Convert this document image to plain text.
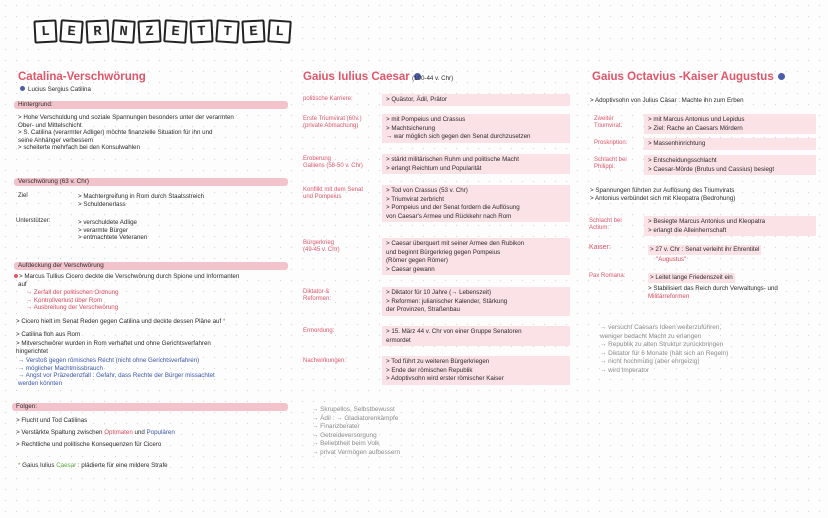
L	E	R	N	Z	E	T	T	E	L
Catalina-Verschwörung
Lucius Sergius Catilina
Hintergrund:
> Hohe Verschuldung und soziale Spannungen besonders unter der verarmten
Ober- und Mittelschicht
> S. Catilina (verarmter Adliger) möchte finanzielle Situation für ihn und
seine Anhänger verbessern
> scheiterte mehrfach bei den Konsulwahlen
Verschwörung (63 v. Chr)
Ziel	> Machtergreifung in Rom durch Staatsstreich
> Schuldenerlass
Unterstützer:	> verschuldete Adlige
> verarmte Bürger
> entmachtete Veteranen
Aufdeckung der Verschwörung
> Marcus Tullius Cicero deckte die Verschwörung durch Spione und Informanten
auf
→ Zerfall der politischen Ordnung
→ Kontrollverlust über Rom
→ Ausbreitung der Verschwörung
> Cicero hielt im Senat Reden gegen Catilina und deckte dessen Pläne auf *
> Catilina floh aus Rom
> Mitverschwörer wurden in Rom verhaftet und ohne Gerichtsverfahren
hingerichtet
→ Verstoß gegen römisches Recht (nicht ohne Gerichtsverfahren)
→ möglicher Machtmissbrauch
→ Angst vor Präzedenzfall : Gefahr, dass Rechte der Bürger missachtet
werden könnten
Folgen:
> Flucht und Tod Catilinas
> Verstärkte Spaltung zwischen Optimaten und Populären
> Rechtliche und politische Konsequenzen für Cicero
* Gaius Iulius Caesar : plädierte für eine mildere Strafe
Gaius Iulius Caesar (100-44 v. Chr)
politische Karriere:	> Quästor, Ädil, Prätor
Erste Triumvirat (60v.)
(private Abmachung)
> mit Pompeius und Crassus
> Machtsicherung
→ war möglich sich gegen den Senat durchzusetzen
Eroberung
Galliens (58-50 v. Chr)
> stärkt militärischen Ruhm und politische Macht
> erlangt Reichtum und Popularität
Konflikt mit dem Senat
und Pompeius
> Tod von Crassus (53 v. Chr)
> Triumvirat zerbricht
> Pompeius und der Senat fordern die Auflösung
von Caesar's Armee und Rückkehr nach Rom
Bürgerkrieg
(49-45 v. Chr)
> Caesar überquert mit seiner Armee den Rubikon
und beginnt Bürgerkrieg gegen Pompeius
(Römer gegen Römer)
> Caesar gewann
Diktator &
Reformen:
> Diktator für 10 Jahre (→ Lebenszeit)
> Reformen: julianischer Kalender, Stärkung
der Provinzen, Straßenbau
Ermordung:	> 15. März 44 v. Chr von einer Gruppe Senatoren
ermordet
Nachwirkungen:	> Tod führt zu weiteren Bürgerkriegen
> Ende der römischen Republik
> Adoptivsohn wird erster römischer Kaiser
→ Skrupellos, Selbstbewusst
→ Ädil : → Gladiatorenkämpfe
→ Finanzberater
→ Getreideversorgung
→ Beliebtheit beim Volk
→ privat Vermögen aufbessern
Gaius Octavius -Kaiser Augustus
> Adoptivsohn von Julius Cäsar : Machte ihn zum Erben
Zweiter
Triumvirat:
> mit Marcus Antonius und Lepidus
> Ziel: Rache an Caesars Mördern
Proskription:	> Massenhinrichtung
Schlacht bei
Philippi:
> Entscheidungsschlacht
> Caesar-Mörde (Brutus und Cassius) besiegt
> Spannungen führten zur Auflösung des Triumvirats
> Antonius verbündet sich mit Kleopatra (Bedrohung)
Schlacht bei
Actium:
> Besiegte Marcus Antonius und Kleopatra
> erlangt die Alleinherrschaft
Kaiser:	> 27 v. Chr : Senat verleiht ihr Ehrentitel
"Augustus"
Pax Romana:	> Leitet lange Friedenszeit ein
> Stabilisiert das Reich durch Verwaltungs- und
Militärreformen
→ versucht Caesars Ideen weiterzuführen,
weniger bedacht Macht zu erlangen
→ Republik zu alten Struktur zurückbringen
→ Diktator für 6 Monate (hält sich an Regeln)
→ nicht hochmütig (aber ehrgeizig)
→ wird Imperator
